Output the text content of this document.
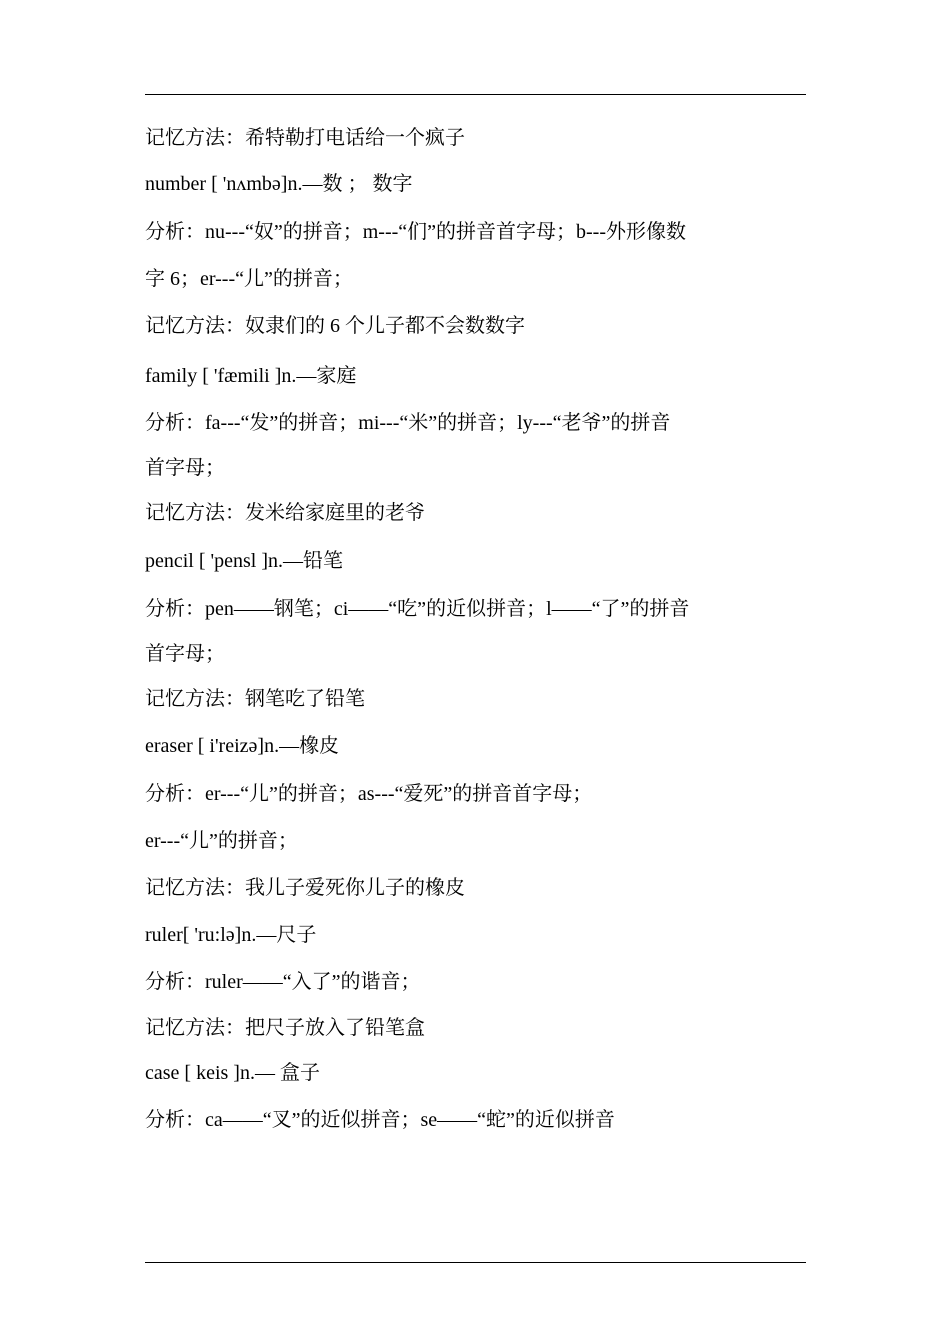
记忆方法：希特勒打电话给一个疯子
number [ 'nʌmbə]n.—数 ； 数字
分析：nu---“奴”的拼音；m---“们”的拼音首字母；b---外形像数
字 6；er---“儿”的拼音；
记忆方法：奴隶们的 6 个儿子都不会数数字
family [ 'fæmili ]n.—家庭
分析：fa---“发”的拼音；mi---“米”的拼音；ly---“老爷”的拼音
首字母；
记忆方法：发米给家庭里的老爷
pencil [ 'pensl ]n.—铅笔
分析：pen——钢笔；ci——“吃”的近似拼音；l——“了”的拼音
首字母；
记忆方法：钢笔吃了铅笔
eraser [ i'reizə]n.—橡皮
分析：er---“儿”的拼音；as---“爱死”的拼音首字母；
er---“儿”的拼音；
记忆方法：我儿子爱死你儿子的橡皮
ruler[ 'ru:lə]n.—尺子
分析：ruler——“入了”的谐音；
记忆方法：把尺子放入了铅笔盒
case [ keis ]n.— 盒子
分析：ca——“叉”的近似拼音；se——“蛇”的近似拼音
